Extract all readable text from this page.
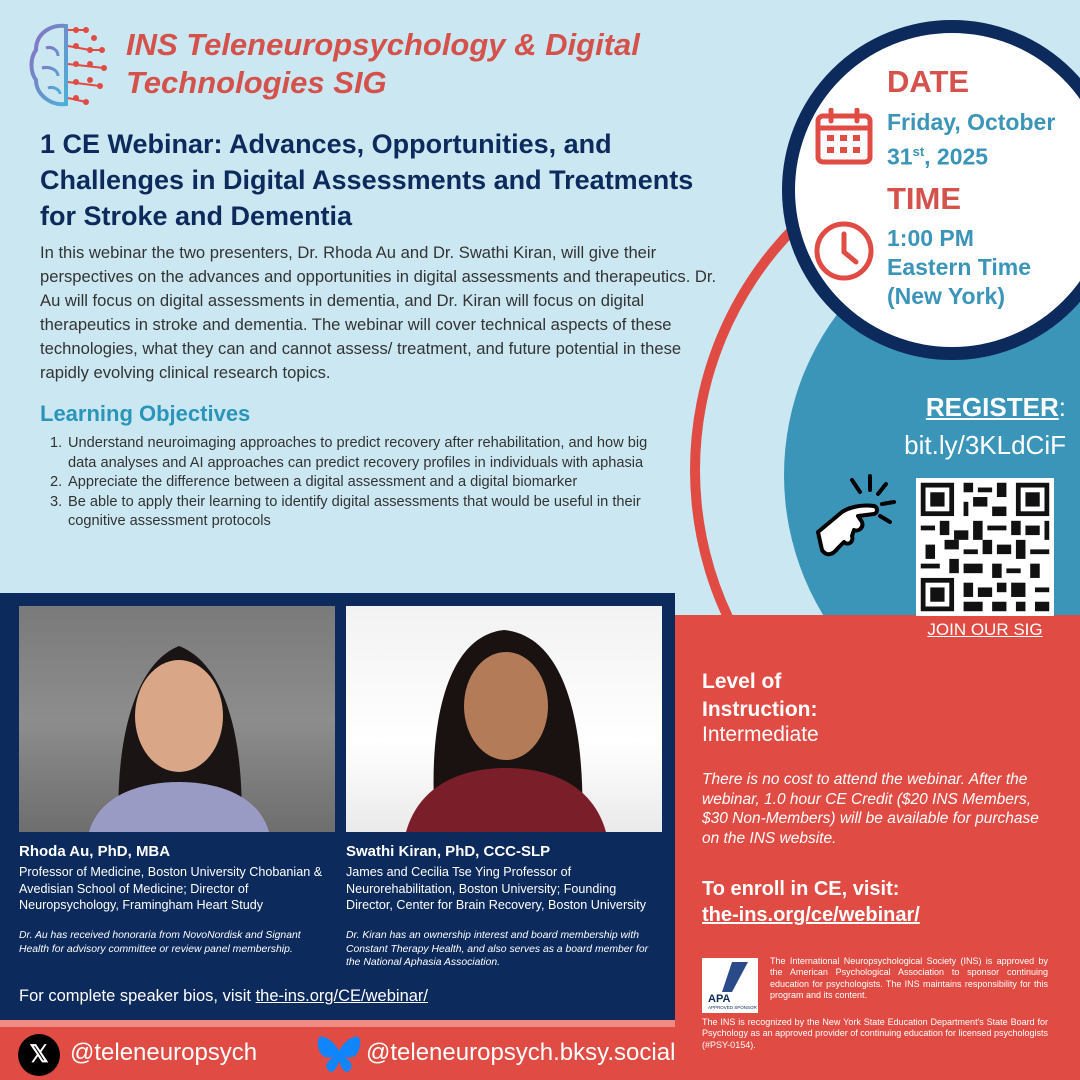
INS Teleneuropsychology & Digital Technologies SIG
1 CE Webinar: Advances, Opportunities, and Challenges in Digital Assessments and Treatments for Stroke and Dementia
In this webinar the two presenters, Dr. Rhoda Au and Dr. Swathi Kiran, will give their perspectives on the advances and opportunities in digital assessments and therapeutics. Dr. Au will focus on digital assessments in dementia, and Dr. Kiran will focus on digital therapeutics in stroke and dementia. The webinar will cover technical aspects of these technologies, what they can and cannot assess/ treatment, and future potential in these rapidly evolving clinical research topics.
Learning Objectives
1. Understand neuroimaging approaches to predict recovery after rehabilitation, and how big data analyses and AI approaches can predict recovery profiles in individuals with aphasia
2. Appreciate the difference between a digital assessment and a digital biomarker
3. Be able to apply their learning to identify digital assessments that would be useful in their cognitive assessment protocols
DATE
Friday, October
31st, 2025
TIME
1:00 PM
Eastern Time
(New York)
REGISTER:
bit.ly/3KLdCiF
JOIN OUR SIG
Level of Instruction:
Intermediate
There is no cost to attend the webinar. After the webinar, 1.0 hour CE Credit ($20 INS Members, $30 Non-Members) will be available for purchase on the INS website.
To enroll in CE, visit:
the-ins.org/ce/webinar/
APA
APPROVED SPONSOR
The International Neuropsychological Society (INS) is approved by the American Psychological Association to sponsor continuing education for psychologists. The INS maintains responsibility for this program and its content.
The INS is recognized by the New York State Education Department's State Board for Psychology as an approved provider of continuing education for licensed psychologists (#PSY-0154).
Rhoda Au, PhD, MBA
Professor of Medicine, Boston University Chobanian & Avedisian School of Medicine; Director of Neuropsychology, Framingham Heart Study
Dr. Au has received honoraria from NovoNordisk and Signant Health for advisory committee or review panel membership.
Swathi Kiran, PhD, CCC-SLP
James and Cecilia Tse Ying Professor of Neurorehabilitation, Boston University; Founding Director, Center for Brain Recovery, Boston University
Dr. Kiran has an ownership interest and board membership with Constant Therapy Health, and also serves as a board member for the National Aphasia Association.
For complete speaker bios, visit the-ins.org/CE/webinar/
𝕏 @teleneuropsych	@teleneuropsych.bksy.social
